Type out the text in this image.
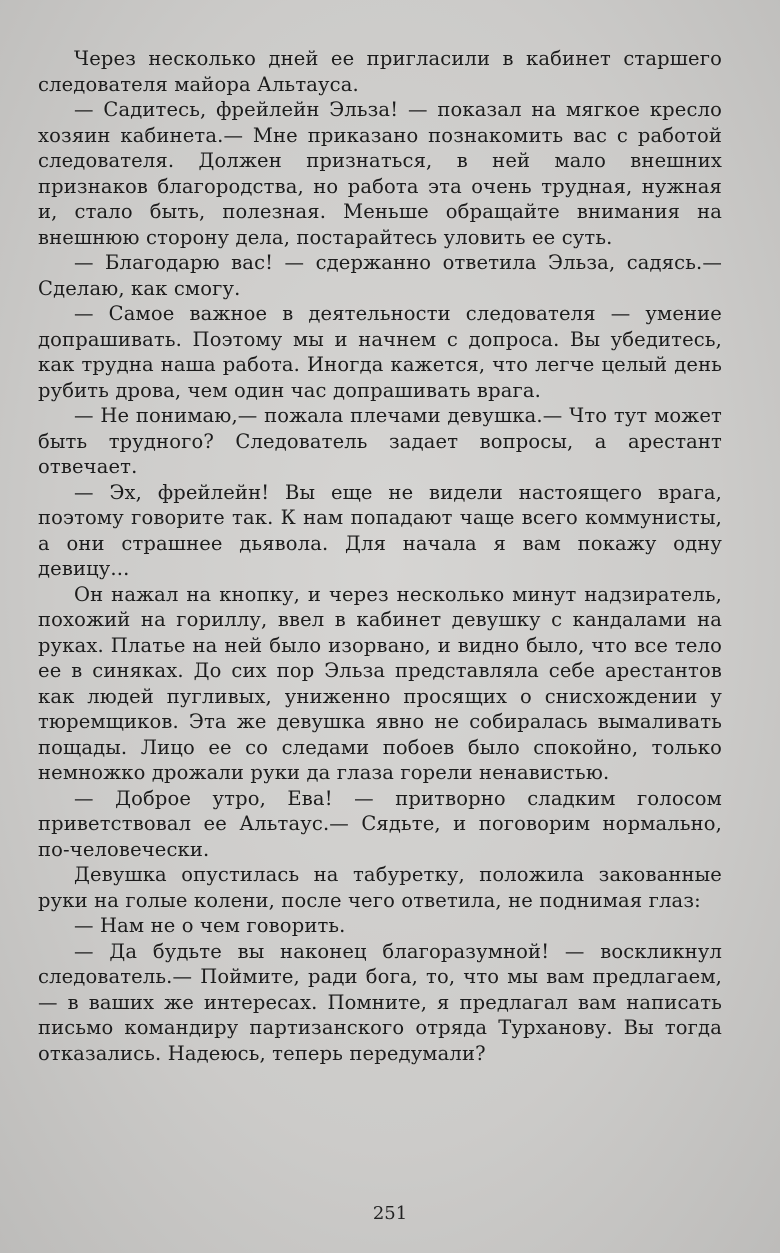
Через несколько дней ее пригласили в кабинет старшего следователя майора Альтауса.

— Садитесь, фрейлейн Эльза! — показал на мягкое кресло хозяин кабинета.— Мне приказано познакомить вас с работой следователя. Должен признаться, в ней мало внешних признаков благородства, но работа эта очень трудная, нужная и, стало быть, полезная. Меньше обращайте внимания на внешнюю сторону дела, постарайтесь уловить ее суть.

— Благодарю вас! — сдержанно ответила Эльза, садясь.— Сделаю, как смогу.

— Самое важное в деятельности следователя — умение допрашивать. Поэтому мы и начнем с допроса. Вы убедитесь, как трудна наша работа. Иногда кажется, что легче целый день рубить дрова, чем один час допрашивать врага.

— Не понимаю,— пожала плечами девушка.— Что тут может быть трудного? Следователь задает вопросы, а арестант отвечает.

— Эх, фрейлейн! Вы еще не видели настоящего врага, поэтому говорите так. К нам попадают чаще всего коммунисты, а они страшнее дьявола. Для начала я вам покажу одну девицу...

Он нажал на кнопку, и через несколько минут надзиратель, похожий на гориллу, ввел в кабинет девушку с кандалами на руках. Платье на ней было изорвано, и видно было, что все тело ее в синяках. До сих пор Эльза представляла себе арестантов как людей пугливых, униженно просящих о снисхождении у тюремщиков. Эта же девушка явно не собиралась вымаливать пощады. Лицо ее со следами побоев было спокойно, только немножко дрожали руки да глаза горели ненавистью.

— Доброе утро, Ева! — притворно сладким голосом приветствовал ее Альтаус.— Сядьте, и поговорим нормально, по-человечески.

Девушка опустилась на табуретку, положила закованные руки на голые колени, после чего ответила, не поднимая глаз:

— Нам не о чем говорить.

— Да будьте вы наконец благоразумной! — воскликнул следователь.— Поймите, ради бога, то, что мы вам предлагаем,— в ваших же интересах. Помните, я предлагал вам написать письмо командиру партизанского отряда Турханову. Вы тогда отказались. Надеюсь, теперь передумали?

251
